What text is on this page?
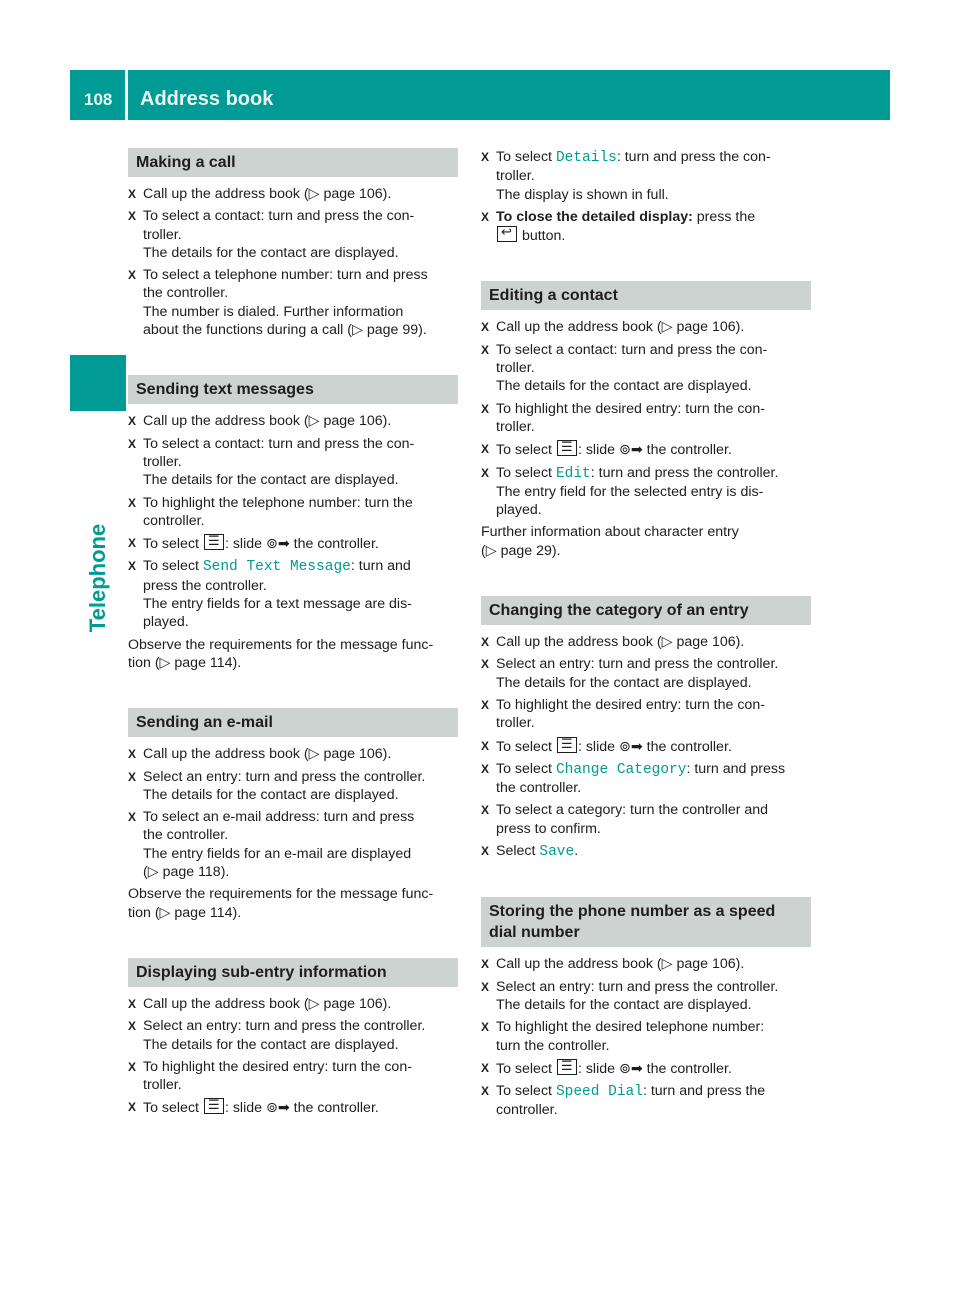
108 Address book
Telephone
Making a call
X Call up the address book (▷ page 106).
X To select a contact: turn and press the con-
troller.
The details for the contact are displayed.
X To select a telephone number: turn and press
the controller.
The number is dialed. Further information
about the functions during a call (▷ page 99).
Sending text messages
X Call up the address book (▷ page 106).
X To select a contact: turn and press the con-
troller.
The details for the contact are displayed.
X To highlight the telephone number: turn the
controller.
X To select ☰: slide ⊚➡ the controller.
X To select Send Text Message: turn and
press the controller.
The entry fields for a text message are dis-
played.
Observe the requirements for the message func-
tion (▷ page 114).
Sending an e-mail
X Call up the address book (▷ page 106).
X Select an entry: turn and press the controller.
The details for the contact are displayed.
X To select an e-mail address: turn and press
the controller.
The entry fields for an e-mail are displayed
(▷ page 118).
Observe the requirements for the message func-
tion (▷ page 114).
Displaying sub-entry information
X Call up the address book (▷ page 106).
X Select an entry: turn and press the controller.
The details for the contact are displayed.
X To highlight the desired entry: turn the con-
troller.
X To select ☰: slide ⊚➡ the controller.
X To select Details: turn and press the con-
troller.
The display is shown in full.
X To close the detailed display: press the
↩ button.
Editing a contact
X Call up the address book (▷ page 106).
X To select a contact: turn and press the con-
troller.
The details for the contact are displayed.
X To highlight the desired entry: turn the con-
troller.
X To select ☰: slide ⊚➡ the controller.
X To select Edit: turn and press the controller.
The entry field for the selected entry is dis-
played.
Further information about character entry
(▷ page 29).
Changing the category of an entry
X Call up the address book (▷ page 106).
X Select an entry: turn and press the controller.
The details for the contact are displayed.
X To highlight the desired entry: turn the con-
troller.
X To select ☰: slide ⊚➡ the controller.
X To select Change Category: turn and press
the controller.
X To select a category: turn the controller and
press to confirm.
X Select Save.
Storing the phone number as a speed
dial number
X Call up the address book (▷ page 106).
X Select an entry: turn and press the controller.
The details for the contact are displayed.
X To highlight the desired telephone number:
turn the controller.
X To select ☰: slide ⊚➡ the controller.
X To select Speed Dial: turn and press the
controller.
